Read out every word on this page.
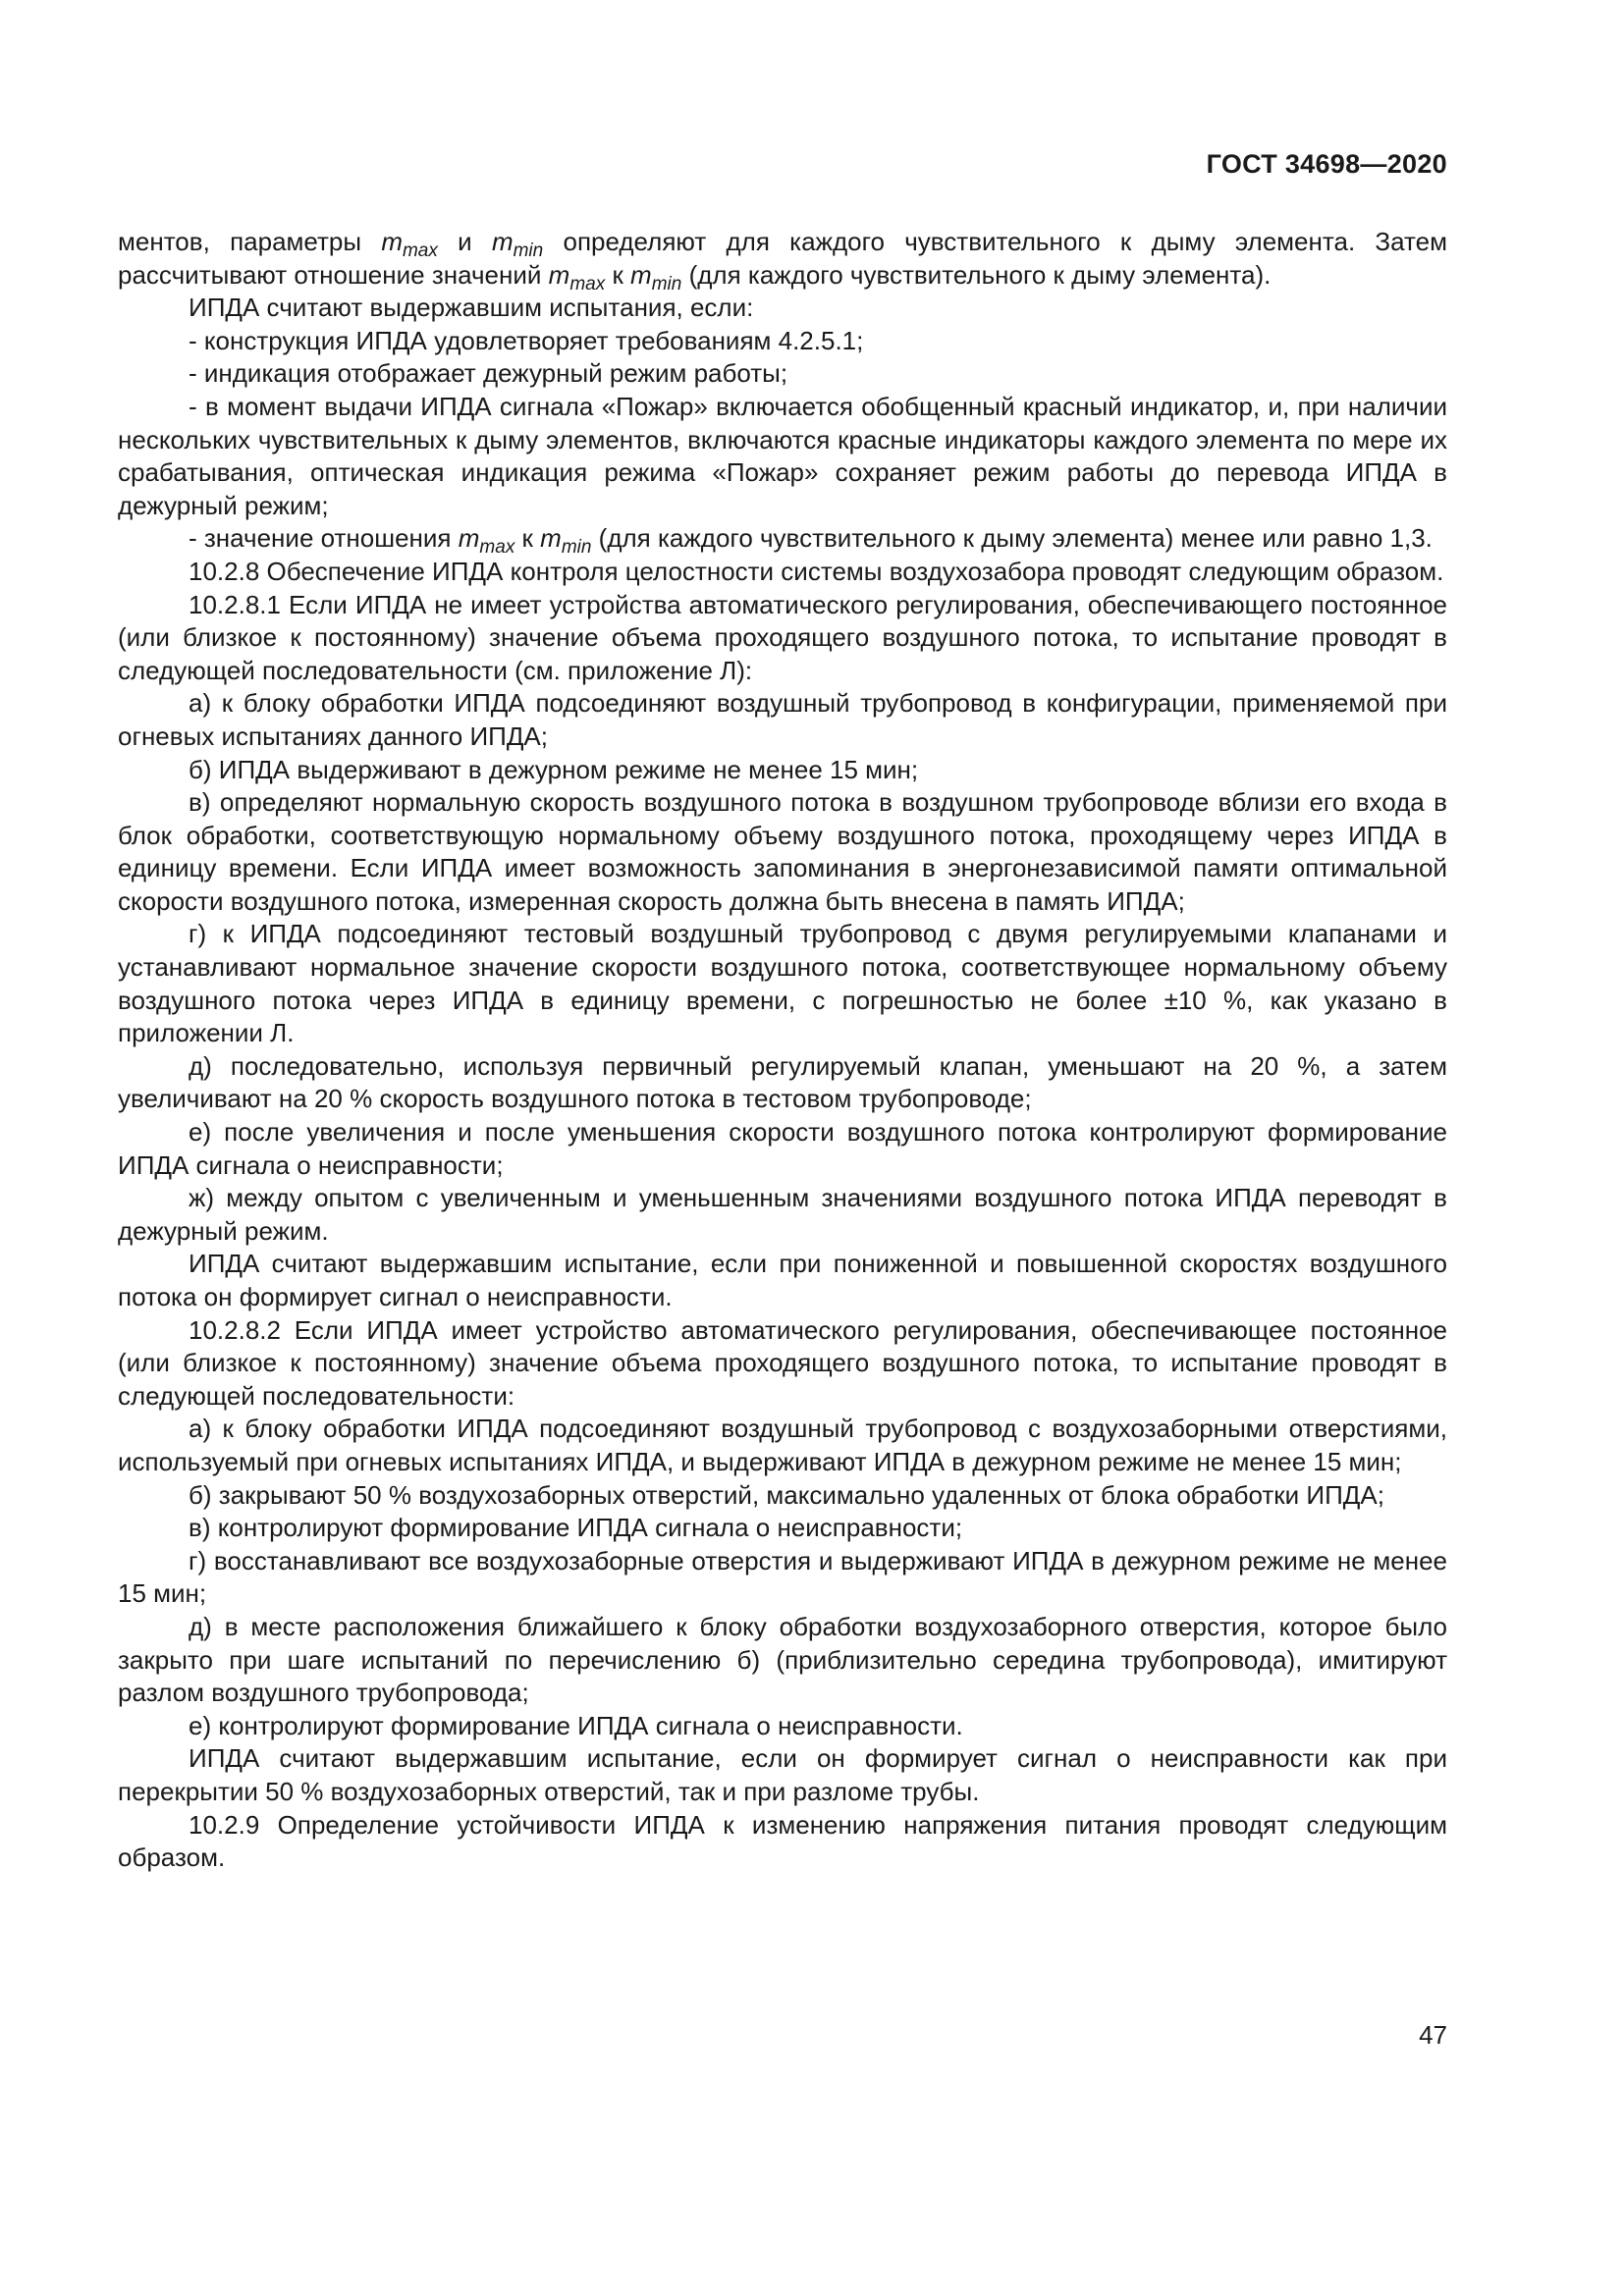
ГОСТ 34698—2020

ментов, параметры $m_{max}$ и $m_{min}$ определяют для каждого чувствительного к дыму элемента. Затем рассчитывают отношение значений $m_{max}$ к $m_{min}$ (для каждого чувствительного к дыму элемента).

ИПДА считают выдержавшим испытания, если:

- конструкция ИПДА удовлетворяет требованиям 4.2.5.1;

- индикация отображает дежурный режим работы;

- в момент выдачи ИПДА сигнала «Пожар» включается обобщенный красный индикатор, и, при наличии нескольких чувствительных к дыму элементов, включаются красные индикаторы каждого элемента по мере их срабатывания, оптическая индикация режима «Пожар» сохраняет режим работы до перевода ИПДА в дежурный режим;

- значение отношения $m_{max}$ к $m_{min}$ (для каждого чувствительного к дыму элемента) менее или равно 1,3.

10.2.8 Обеспечение ИПДА контроля целостности системы воздухозабора проводят следующим образом.

10.2.8.1 Если ИПДА не имеет устройства автоматического регулирования, обеспечивающего постоянное (или близкое к постоянному) значение объема проходящего воздушного потока, то испытание проводят в следующей последовательности (см. приложение Л):

а) к блоку обработки ИПДА подсоединяют воздушный трубопровод в конфигурации, применяемой при огневых испытаниях данного ИПДА;

б) ИПДА выдерживают в дежурном режиме не менее 15 мин;

в) определяют нормальную скорость воздушного потока в воздушном трубопроводе вблизи его входа в блок обработки, соответствующую нормальному объему воздушного потока, проходящему через ИПДА в единицу времени. Если ИПДА имеет возможность запоминания в энергонезависимой памяти оптимальной скорости воздушного потока, измеренная скорость должна быть внесена в память ИПДА;

г) к ИПДА подсоединяют тестовый воздушный трубопровод с двумя регулируемыми клапанами и устанавливают нормальное значение скорости воздушного потока, соответствующее нормальному объему воздушного потока через ИПДА в единицу времени, с погрешностью не более ±10 %, как указано в приложении Л.

д) последовательно, используя первичный регулируемый клапан, уменьшают на 20 %, а затем увеличивают на 20 % скорость воздушного потока в тестовом трубопроводе;

е) после увеличения и после уменьшения скорости воздушного потока контролируют формирование ИПДА сигнала о неисправности;

ж) между опытом с увеличенным и уменьшенным значениями воздушного потока ИПДА переводят в дежурный режим.

ИПДА считают выдержавшим испытание, если при пониженной и повышенной скоростях воздушного потока он формирует сигнал о неисправности.

10.2.8.2 Если ИПДА имеет устройство автоматического регулирования, обеспечивающее постоянное (или близкое к постоянному) значение объема проходящего воздушного потока, то испытание проводят в следующей последовательности:

а) к блоку обработки ИПДА подсоединяют воздушный трубопровод с воздухозаборными отверстиями, используемый при огневых испытаниях ИПДА, и выдерживают ИПДА в дежурном режиме не менее 15 мин;

б) закрывают 50 % воздухозаборных отверстий, максимально удаленных от блока обработки ИПДА;

в) контролируют формирование ИПДА сигнала о неисправности;

г) восстанавливают все воздухозаборные отверстия и выдерживают ИПДА в дежурном режиме не менее 15 мин;

д) в месте расположения ближайшего к блоку обработки воздухозаборного отверстия, которое было закрыто при шаге испытаний по перечислению б) (приблизительно середина трубопровода), имитируют разлом воздушного трубопровода;

е) контролируют формирование ИПДА сигнала о неисправности.

ИПДА считают выдержавшим испытание, если он формирует сигнал о неисправности как при перекрытии 50 % воздухозаборных отверстий, так и при разломе трубы.

10.2.9 Определение устойчивости ИПДА к изменению напряжения питания проводят следующим образом.

47
